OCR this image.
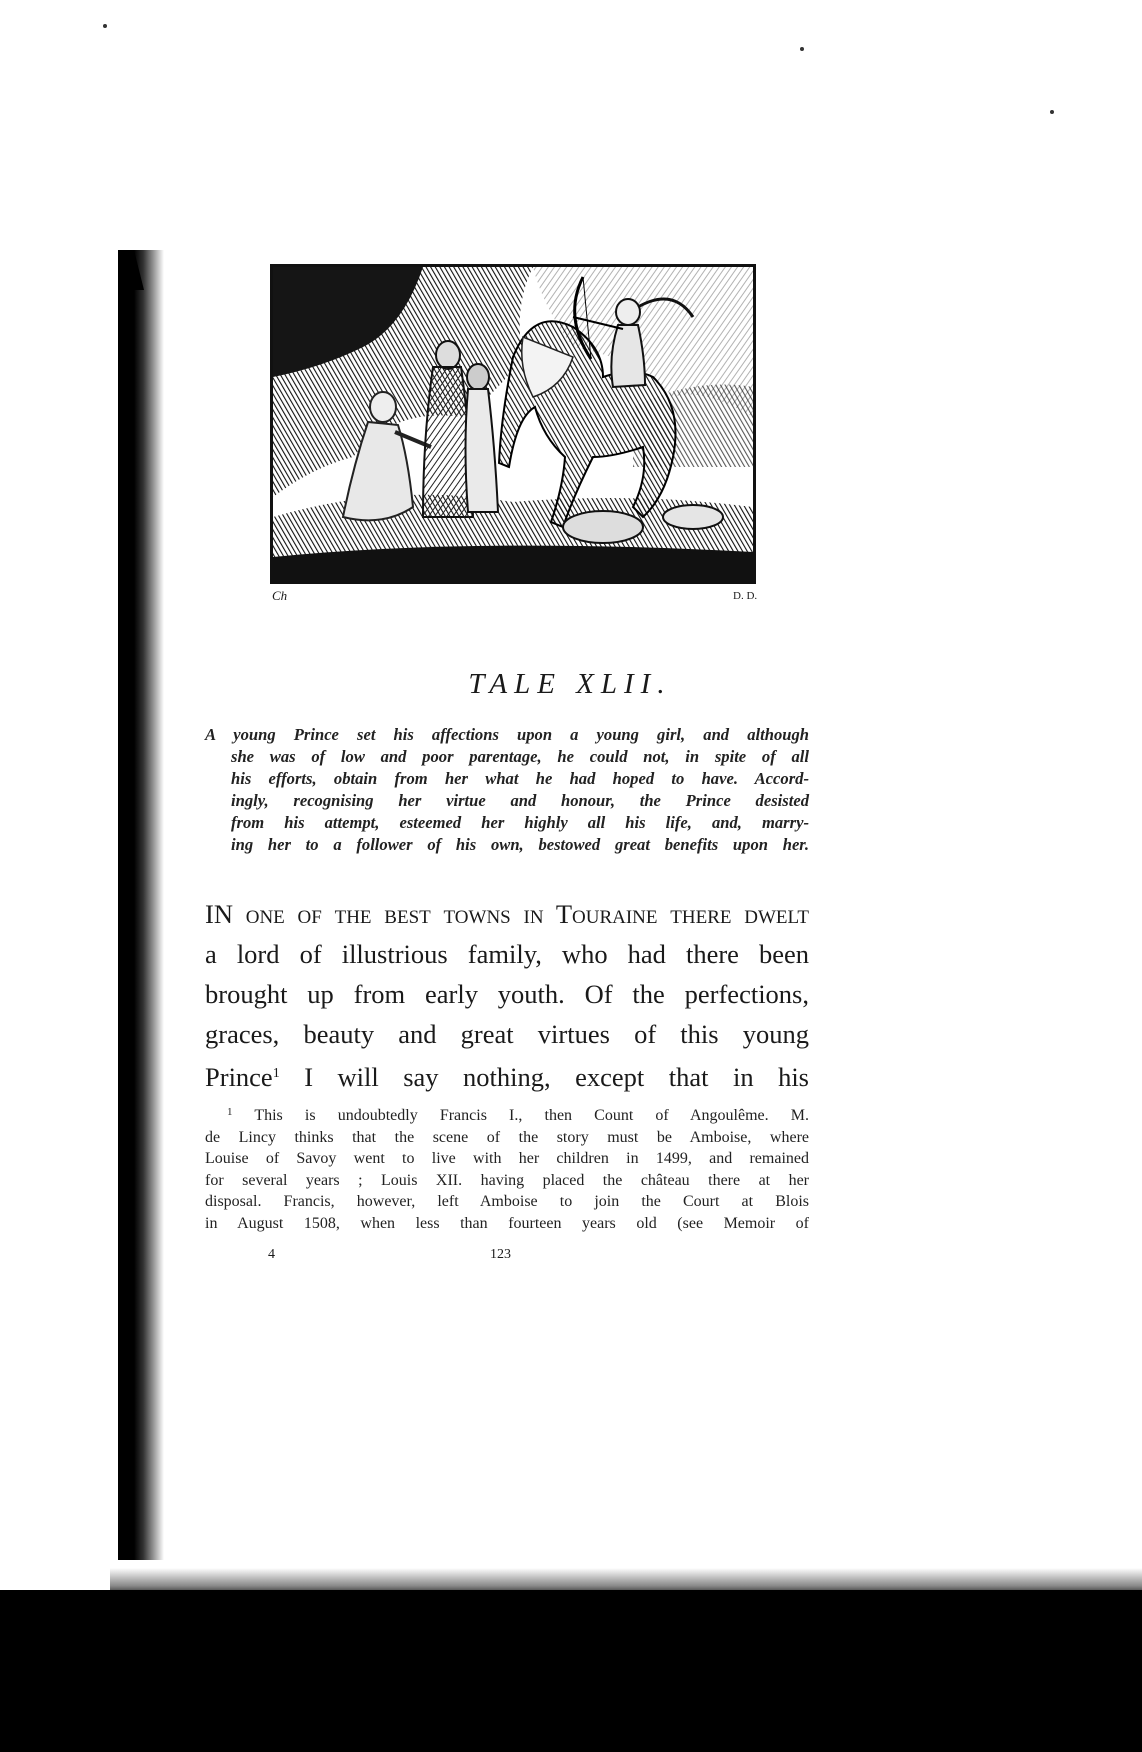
Ch	D. D.
TALE XLII.
A young Prince set his affections upon a young girl, and although
she was of low and poor parentage, he could not, in spite of all
his efforts, obtain from her what he had hoped to have. Accord-
ingly, recognising her virtue and honour, the Prince desisted
from his attempt, esteemed her highly all his life, and, marry-
ing her to a follower of his own, bestowed great benefits upon her.
IN one of the best towns in Touraine there dwelt
a lord of illustrious family, who had there been
brought up from early youth. Of the perfections,
graces, beauty and great virtues of this young
Prince$^1$ I will say nothing, except that in his
$^1$ This is undoubtedly Francis I., then Count of Angoulême. M.
de Lincy thinks that the scene of the story must be Amboise, where
Louise of Savoy went to live with her children in 1499, and remained
for several years ; Louis XII. having placed the château there at her
disposal. Francis, however, left Amboise to join the Court at Blois
in August 1508, when less than fourteen years old (see Memoir of
4	123
